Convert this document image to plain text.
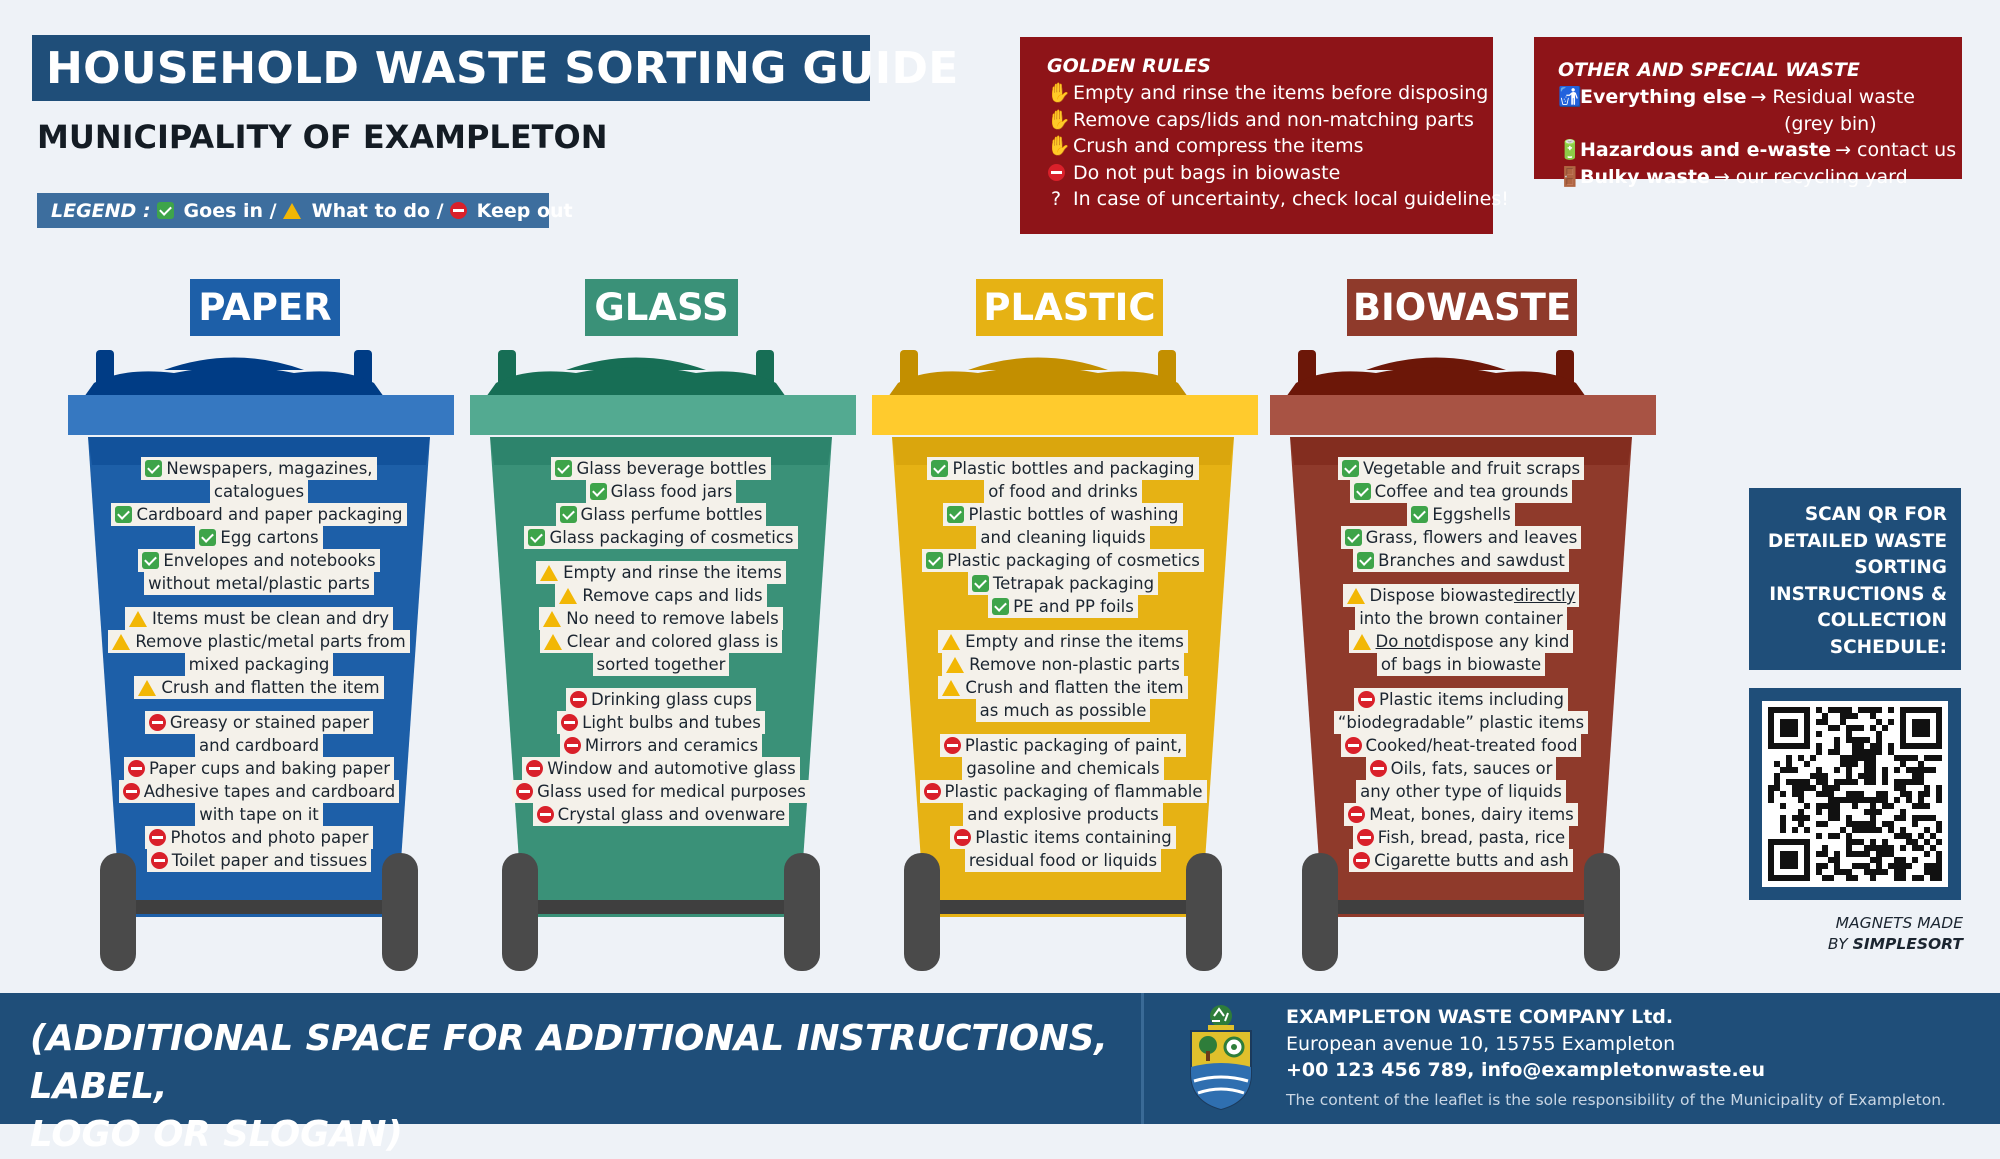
HOUSEHOLD WASTE SORTING GUIDE
MUNICIPALITY OF EXAMPLETON
LEGEND : Goes in / What to do / Keep out
GOLDEN RULES
✋ Empty and rinse the items before disposing
✋ Remove caps/lids and non-matching parts
✋ Crush and compress the items
Do not put bags in biowaste
? In case of uncertainty, check local guidelines!
OTHER AND SPECIAL WASTE
🚮
Everything else → Residual waste
(grey bin)
🔋
Hazardous and e-waste → contact us
🚪
Bulky waste → our recycling yard
PAPER	GLASS	PLASTIC	BIOWASTE
Newspapers, magazines,
catalogues
Cardboard and paper packaging
Egg cartons
Envelopes and notebooks
without metal/plastic parts
Items must be clean and dry
Remove plastic/metal parts from
mixed packaging
Crush and flatten the item
Greasy or stained paper
and cardboard
Paper cups and baking paper
Adhesive tapes and cardboard
with tape on it
Photos and photo paper
Toilet paper and tissues
Glass beverage bottles
Glass food jars
Glass perfume bottles
Glass packaging of cosmetics
Empty and rinse the items
Remove caps and lids
No need to remove labels
Clear and colored glass is
sorted together
Drinking glass cups
Light bulbs and tubes
Mirrors and ceramics
Window and automotive glass
Glass used for medical purposes
Crystal glass and ovenware
Plastic bottles and packaging
of food and drinks
Plastic bottles of washing
and cleaning liquids
Plastic packaging of cosmetics
Tetrapak packaging
PE and PP foils
Empty and rinse the items
Remove non-plastic parts
Crush and flatten the item
as much as possible
Plastic packaging of paint,
gasoline and chemicals
Plastic packaging of flammable
and explosive products
Plastic items containing
residual food or liquids
Vegetable and fruit scraps
Coffee and tea grounds
Eggshells
Grass, flowers and leaves
Branches and sawdust
Dispose biowaste directly
into the brown container
Do not dispose any kind
of bags in biowaste
Plastic items including
“biodegradable” plastic items
Cooked/heat-treated food
Oils, fats, sauces or
any other type of liquids
Meat, bones, dairy items
Fish, bread, pasta, rice
Cigarette butts and ash
SCAN QR FOR
DETAILED WASTE
SORTING
INSTRUCTIONS &
COLLECTION
SCHEDULE:
MAGNETS MADE
BY SIMPLESORT
(ADDITIONAL SPACE FOR ADDITIONAL INSTRUCTIONS, LABEL,
LOGO OR SLOGAN)
EXAMPLETON WASTE COMPANY Ltd.
European avenue 10, 15755 Exampleton
+00 123 456 789, info@exampletonwaste.eu
The content of the leaflet is the sole responsibility of the Municipality of Exampleton.
